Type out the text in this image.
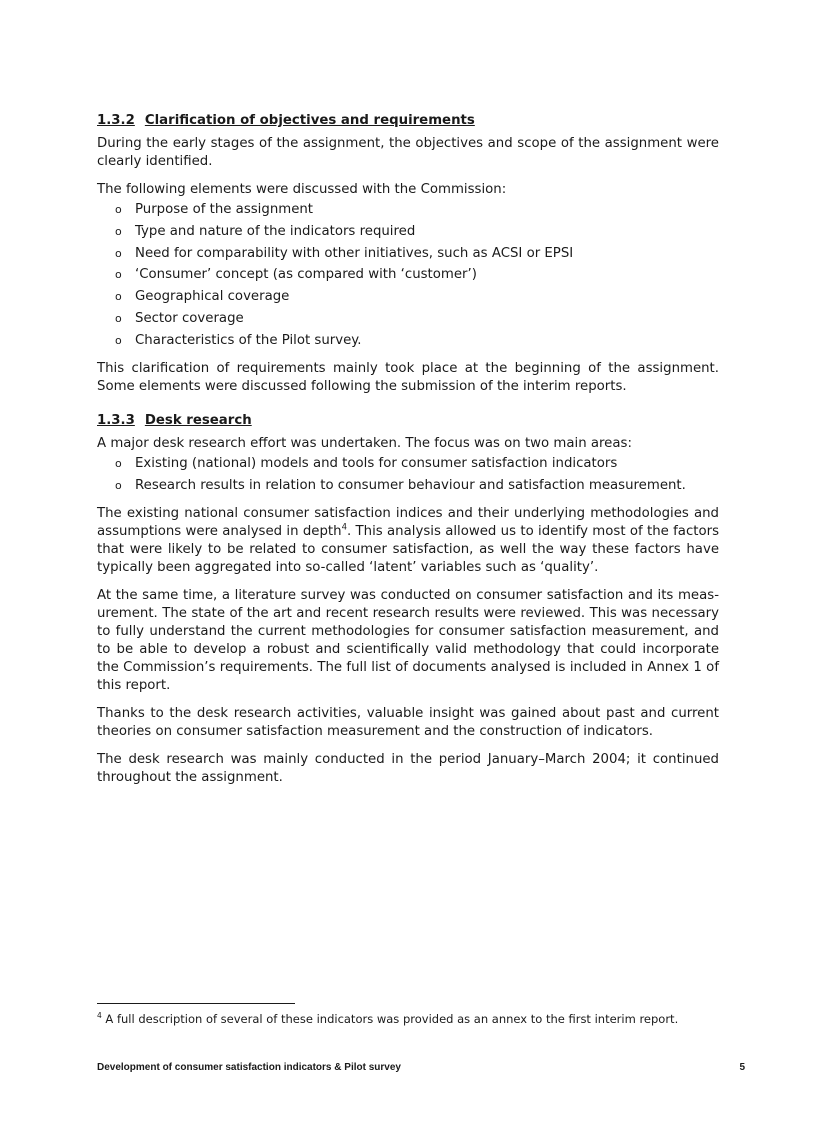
1.3.2 Clarification of objectives and requirements

During the early stages of the assignment, the objectives and scope of the assignment were clearly identified.

The following elements were discussed with the Commission:

o Purpose of the assignment
o Type and nature of the indicators required
o Need for comparability with other initiatives, such as ACSI or EPSI
o ‘Consumer’ concept (as compared with ‘customer’)
o Geographical coverage
o Sector coverage
o Characteristics of the Pilot survey.

This clarification of requirements mainly took place at the beginning of the assignment. Some elements were discussed following the submission of the interim reports.

1.3.3 Desk research

A major desk research effort was undertaken. The focus was on two main areas:

o Existing (national) models and tools for consumer satisfaction indicators
o Research results in relation to consumer behaviour and satisfaction measurement.

The existing national consumer satisfaction indices and their underlying methodologies and assumptions were analysed in depth$^4$. This analysis allowed us to identify most of the factors that were likely to be related to consumer satisfaction, as well the way these factors have typically been aggregated into so-called ‘latent’ variables such as ‘quality’.

At the same time, a literature survey was conducted on consumer satisfaction and its meas-urement. The state of the art and recent research results were reviewed. This was necessary to fully understand the current methodologies for consumer satisfaction measurement, and to be able to develop a robust and scientifically valid methodology that could incorporate the Commission’s requirements. The full list of documents analysed is included in Annex 1 of this report.

Thanks to the desk research activities, valuable insight was gained about past and current theories on consumer satisfaction measurement and the construction of indicators.

The desk research was mainly conducted in the period January–March 2004; it continued throughout the assignment.

$^4$ A full description of several of these indicators was provided as an annex to the first interim report.
Development of consumer satisfaction indicators & Pilot survey	5
